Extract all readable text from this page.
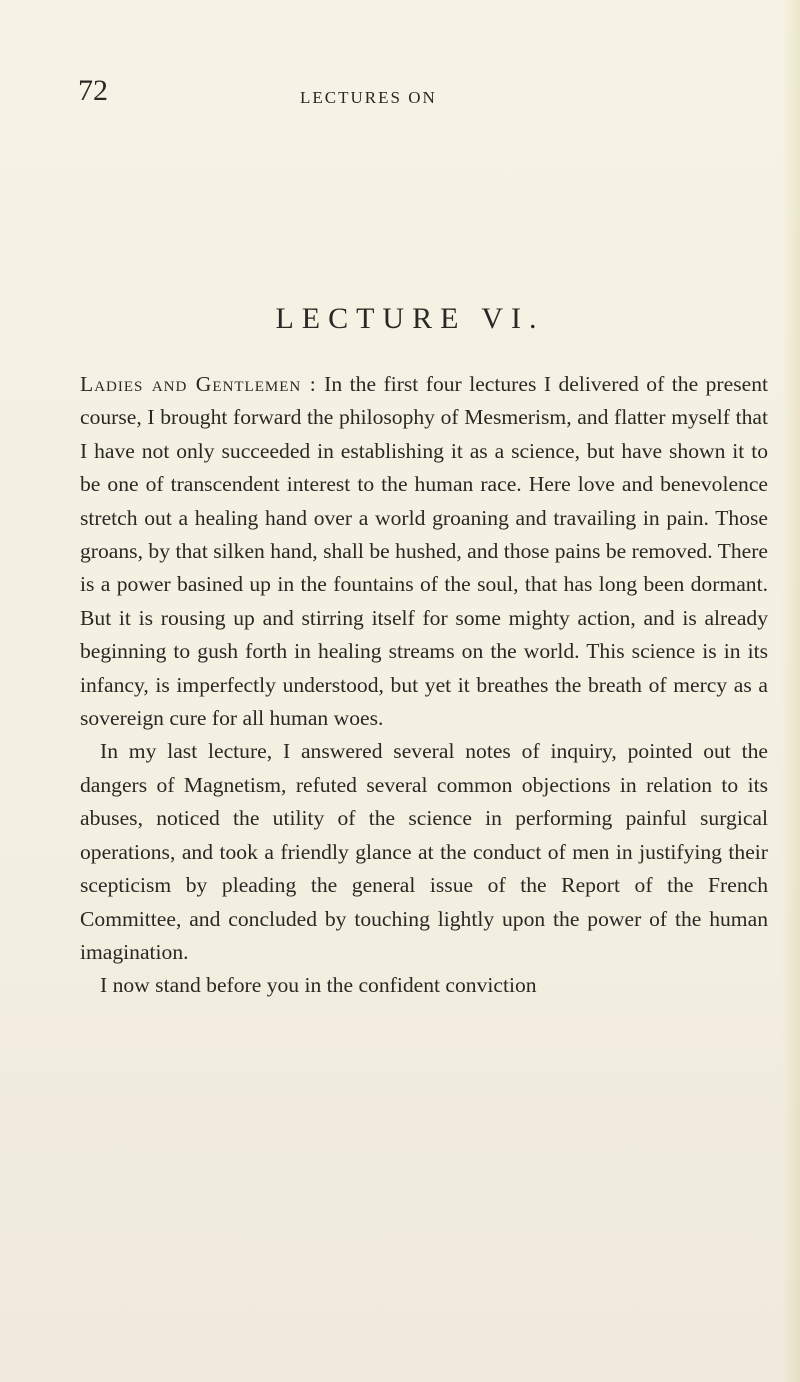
72	LECTURES ON
LECTURE VI.

Ladies and Gentlemen : In the first four lectures I delivered of the present course, I brought forward the philosophy of Mesmerism, and flatter myself that I have not only succeeded in establishing it as a science, but have shown it to be one of transcendent interest to the human race. Here love and benevolence stretch out a healing hand over a world groaning and travailing in pain. Those groans, by that silken hand, shall be hushed, and those pains be removed. There is a power basined up in the fountains of the soul, that has long been dormant. But it is rousing up and stirring itself for some mighty action, and is already beginning to gush forth in healing streams on the world. This science is in its infancy, is imperfectly understood, but yet it breathes the breath of mercy as a sovereign cure for all human woes.

In my last lecture, I answered several notes of inquiry, pointed out the dangers of Magnetism, refuted several common objections in relation to its abuses, noticed the utility of the science in performing painful surgical operations, and took a friendly glance at the conduct of men in justifying their scepticism by pleading the general issue of the Report of the French Committee, and concluded by touching lightly upon the power of the human imagination.

I now stand before you in the confident conviction
